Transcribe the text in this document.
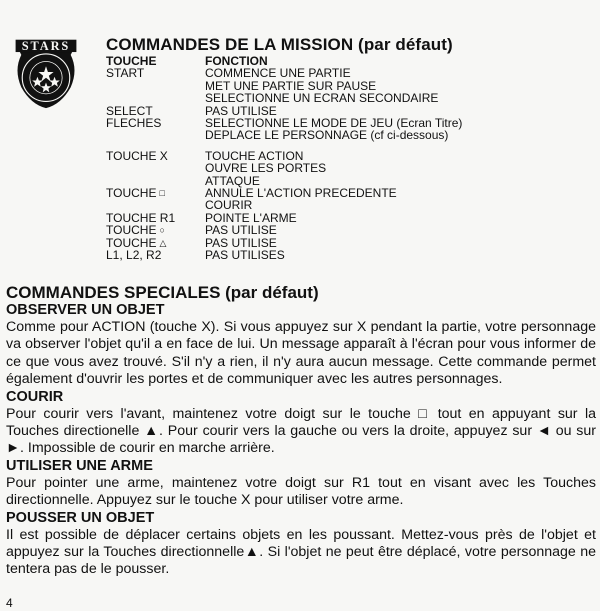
STARS COMMANDES DE LA MISSION (par défaut)
TOUCHE	FONCTION
START	COMMENCE UNE PARTIE
MET UNE PARTIE SUR PAUSE
SELECTIONNE UN ECRAN SECONDAIRE
SELECT	PAS UTILISE
FLECHES	SELECTIONNE LE MODE DE JEU (Ecran Titre)
DEPLACE LE PERSONNAGE (cf ci-dessous)
TOUCHE X	TOUCHE ACTION
OUVRE LES PORTES
ATTAQUE
TOUCHE □	ANNULE L'ACTION PRECEDENTE
COURIR
TOUCHE R1	POINTE L'ARME
TOUCHE ○	PAS UTILISE
TOUCHE △	PAS UTILISE
L1, L2, R2	PAS UTILISES
COMMANDES SPECIALES (par défaut)
OBSERVER UN OBJET

Comme pour ACTION (touche X). Si vous appuyez sur X pendant la partie, votre personnage va observer l'objet qu'il a en face de lui. Un message apparaît à l'écran pour vous informer de ce que vous avez trouvé. S'il n'y a rien, il n'y aura aucun message. Cette commande permet également d'ouvrir les portes et de communiquer avec les autres personnages.

COURIR

Pour courir vers l'avant, maintenez votre doigt sur le touche □ tout en appuyant sur la Touches directionelle ▲. Pour courir vers la gauche ou vers la droite, appuyez sur ◄ ou sur ►. Impossible de courir en marche arrière.

UTILISER UNE ARME

Pour pointer une arme, maintenez votre doigt sur R1 tout en visant avec les Touches directionnelle. Appuyez sur le touche X pour utiliser votre arme.

POUSSER UN OBJET

Il est possible de déplacer certains objets en les poussant. Mettez-vous près de l'objet et appuyez sur la Touches directionnelle▲. Si l'objet ne peut être déplacé, votre personnage ne tentera pas de le pousser.

4
